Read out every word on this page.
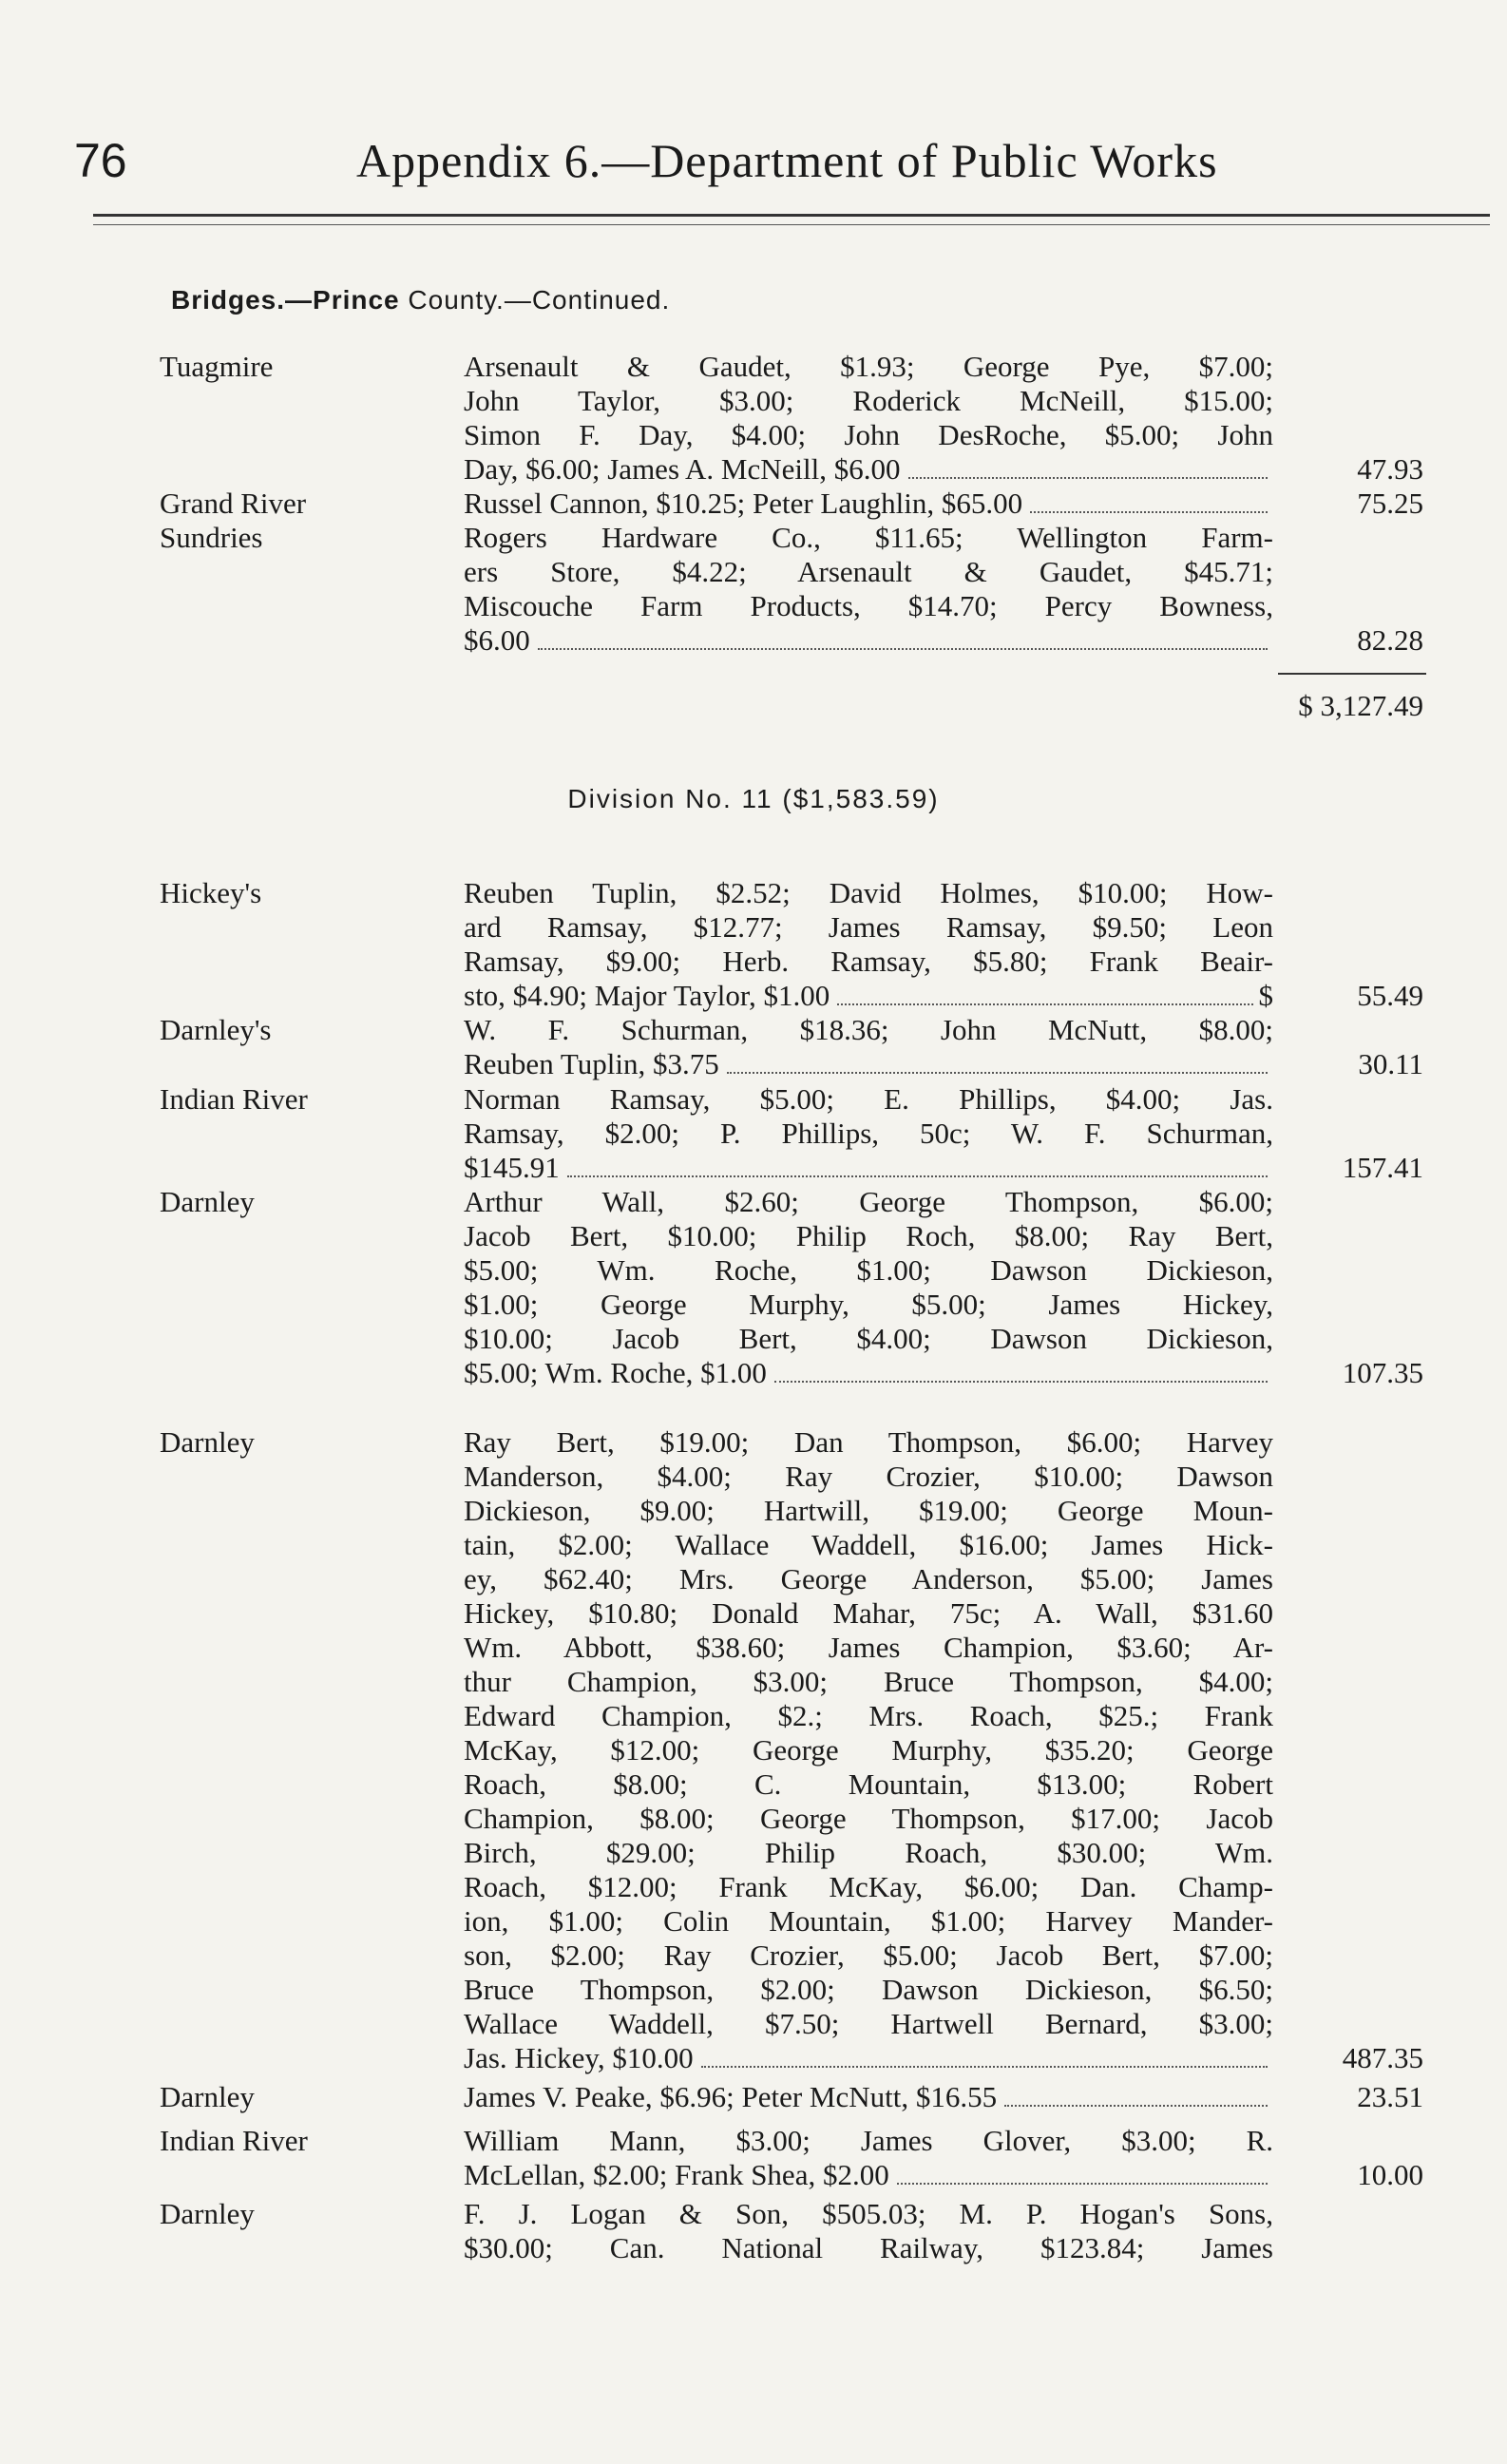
76	Appendix 6.—Department of Public Works
Bridges.—Prince County.—Continued.
Tuagmire	Arsenault & Gaudet, $1.93; George Pye, $7.00;
John Taylor, $3.00; Roderick McNeill, $15.00;
Simon F. Day, $4.00; John DesRoche, $5.00; John
Day, $6.00; James A. McNeill, $6.00	47.93
Grand River	Russel Cannon, $10.25; Peter Laughlin, $65.00	75.25
Sundries	Rogers Hardware Co., $11.65; Wellington Farm-
ers Store, $4.22; Arsenault & Gaudet, $45.71;
Miscouche Farm Products, $14.70; Percy Bowness,
$6.00	82.28
$ 3,127.49
Division No. 11 ($1,583.59)
Hickey's	Reuben Tuplin, $2.52; David Holmes, $10.00; How-
ard Ramsay, $12.77; James Ramsay, $9.50; Leon
Ramsay, $9.00; Herb. Ramsay, $5.80; Frank Beair-
sto, $4.90; Major Taylor, $1.00	$	55.49
Darnley's	W. F. Schurman, $18.36; John McNutt, $8.00;
Reuben Tuplin, $3.75	30.11
Indian River	Norman Ramsay, $5.00; E. Phillips, $4.00; Jas.
Ramsay, $2.00; P. Phillips, 50c; W. F. Schurman,
$145.91	157.41
Darnley	Arthur Wall, $2.60; George Thompson, $6.00;
Jacob Bert, $10.00; Philip Roch, $8.00; Ray Bert,
$5.00; Wm. Roche, $1.00; Dawson Dickieson,
$1.00; George Murphy, $5.00; James Hickey,
$10.00; Jacob Bert, $4.00; Dawson Dickieson,
$5.00; Wm. Roche, $1.00	107.35
Darnley	Ray Bert, $19.00; Dan Thompson, $6.00; Harvey
Manderson, $4.00; Ray Crozier, $10.00; Dawson
Dickieson, $9.00; Hartwill, $19.00; George Moun-
tain, $2.00; Wallace Waddell, $16.00; James Hick-
ey, $62.40; Mrs. George Anderson, $5.00; James
Hickey, $10.80; Donald Mahar, 75c; A. Wall, $31.60
Wm. Abbott, $38.60; James Champion, $3.60; Ar-
thur Champion, $3.00; Bruce Thompson, $4.00;
Edward Champion, $2.; Mrs. Roach, $25.; Frank
McKay, $12.00; George Murphy, $35.20; George
Roach, $8.00; C. Mountain, $13.00; Robert
Champion, $8.00; George Thompson, $17.00; Jacob
Birch, $29.00; Philip Roach, $30.00; Wm.
Roach, $12.00; Frank McKay, $6.00; Dan. Champ-
ion, $1.00; Colin Mountain, $1.00; Harvey Mander-
son, $2.00; Ray Crozier, $5.00; Jacob Bert, $7.00;
Bruce Thompson, $2.00; Dawson Dickieson, $6.50;
Wallace Waddell, $7.50; Hartwell Bernard, $3.00;
Jas. Hickey, $10.00	487.35
Darnley	James V. Peake, $6.96; Peter McNutt, $16.55	23.51
Indian River	William Mann, $3.00; James Glover, $3.00; R.
McLellan, $2.00; Frank Shea, $2.00	10.00
Darnley	F. J. Logan & Son, $505.03; M. P. Hogan's Sons,
$30.00; Can. National Railway, $123.84; James
